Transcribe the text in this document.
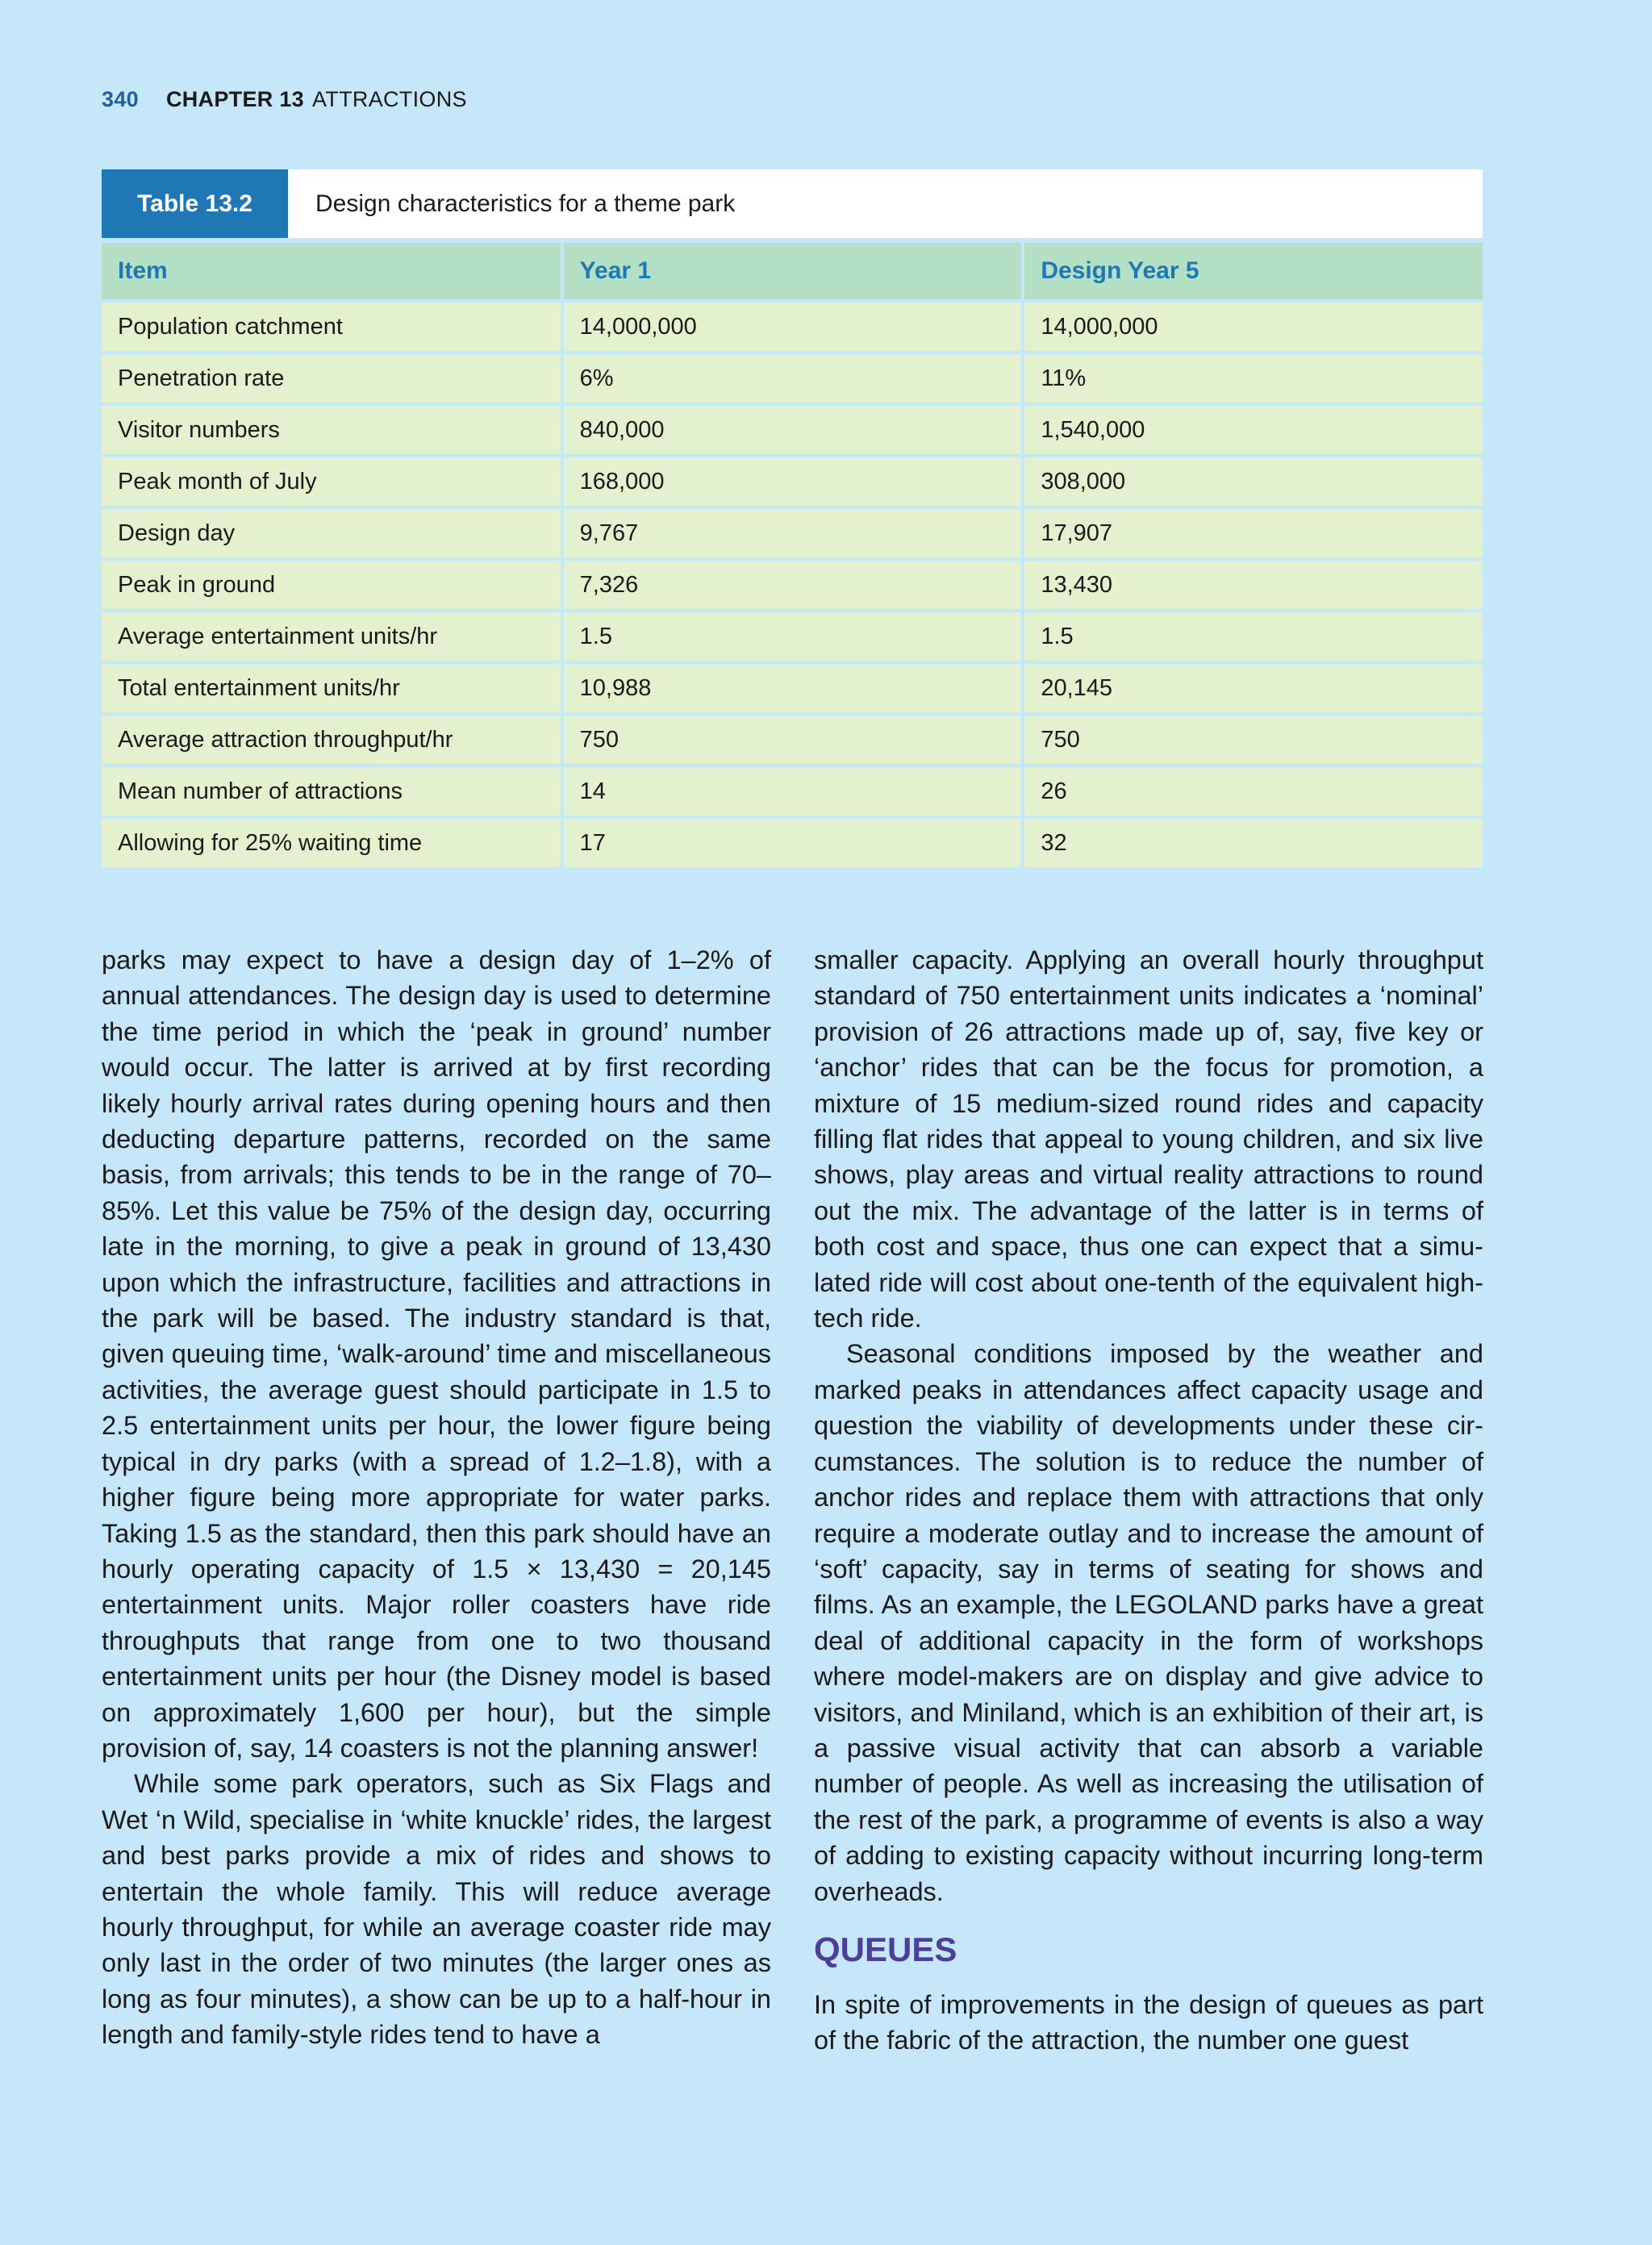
340 CHAPTER 13 ATTRACTIONS
Table 13.2	Design characteristics for a theme park
Item	Year 1	Design Year 5
Population catchment	14,000,000	14,000,000
Penetration rate	6%	11%
Visitor numbers	840,000	1,540,000
Peak month of July	168,000	308,000
Design day	9,767	17,907
Peak in ground	7,326	13,430
Average entertainment units/hr	1.5	1.5
Total entertainment units/hr	10,988	20,145
Average attraction throughput/hr	750	750
Mean number of attractions	14	26
Allowing for 25% waiting time	17	32

parks may expect to have a design day of 1–2% of annual attendances. The design day is used to determine the time period in which the ‘peak in ground’ number would occur. The latter is arrived at by first recording likely hourly arrival rates during opening hours and then deducting departure patterns, recorded on the same basis, from arrivals; this tends to be in the range of 70–85%. Let this value be 75% of the design day, occurring late in the morning, to give a peak in ground of 13,430 upon which the infrastructure, facilities and attractions in the park will be based. The industry standard is that, given queuing time, ‘walk-around’ time and miscellaneous activities, the average guest should participate in 1.5 to 2.5 entertainment units per hour, the lower figure being typical in dry parks (with a spread of 1.2–1.8), with a higher figure being more appropriate for water parks. Taking 1.5 as the standard, then this park should have an hourly operating capacity of 1.5 × 13,430 = 20,145 entertainment units. Major roller coasters have ride throughputs that range from one to two thousand entertainment units per hour (the Disney model is based on approximately 1,600 per hour), but the simple provision of, say, 14 coasters is not the planning answer!

While some park operators, such as Six Flags and Wet ‘n Wild, specialise in ‘white knuckle’ rides, the largest and best parks provide a mix of rides and shows to entertain the whole family. This will reduce average hourly throughput, for while an average coaster ride may only last in the order of two minutes (the larger ones as long as four minutes), a show can be up to a half-hour in length and family-style rides tend to have a

smaller capacity. Applying an overall hourly throughput standard of 750 entertainment units indicates a ‘nominal’ provision of 26 attractions made up of, say, five key or ‘anchor’ rides that can be the focus for promotion, a mixture of 15 medium-sized round rides and capacity filling flat rides that appeal to young children, and six live shows, play areas and virtual reality attractions to round out the mix. The advantage of the latter is in terms of both cost and space, thus one can expect that a simulated ride will cost about one-tenth of the equivalent high-tech ride.

Seasonal conditions imposed by the weather and marked peaks in attendances affect capacity usage and question the viability of developments under these circumstances. The solution is to reduce the number of anchor rides and replace them with attractions that only require a moderate outlay and to increase the amount of ‘soft’ capacity, say in terms of seating for shows and films. As an example, the LEGOLAND parks have a great deal of additional capacity in the form of workshops where model-makers are on display and give advice to visitors, and Miniland, which is an exhibition of their art, is a passive visual activity that can absorb a variable number of people. As well as increasing the utilisation of the rest of the park, a programme of events is also a way of adding to existing capacity without incurring long-term overheads.

QUEUES

In spite of improvements in the design of queues as part of the fabric of the attraction, the number one guest
